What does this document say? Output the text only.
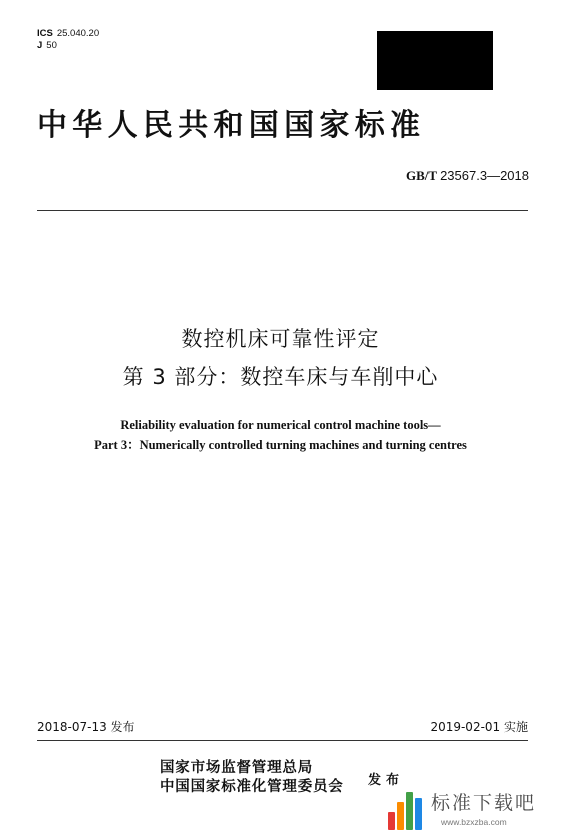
ICS 25.040.20
J 50
中华人民共和国国家标准
GB/T 23567.3—2018
数控机床可靠性评定
第 3 部分：数控车床与车削中心
Reliability evaluation for numerical control machine tools—
Part 3：Numerically controlled turning machines and turning centres
2018-07-13 发布	2019-02-01 实施
国家市场监督管理总局
中国国家标准化管理委员会 发布
标准下载吧
www.bzxzba.com
